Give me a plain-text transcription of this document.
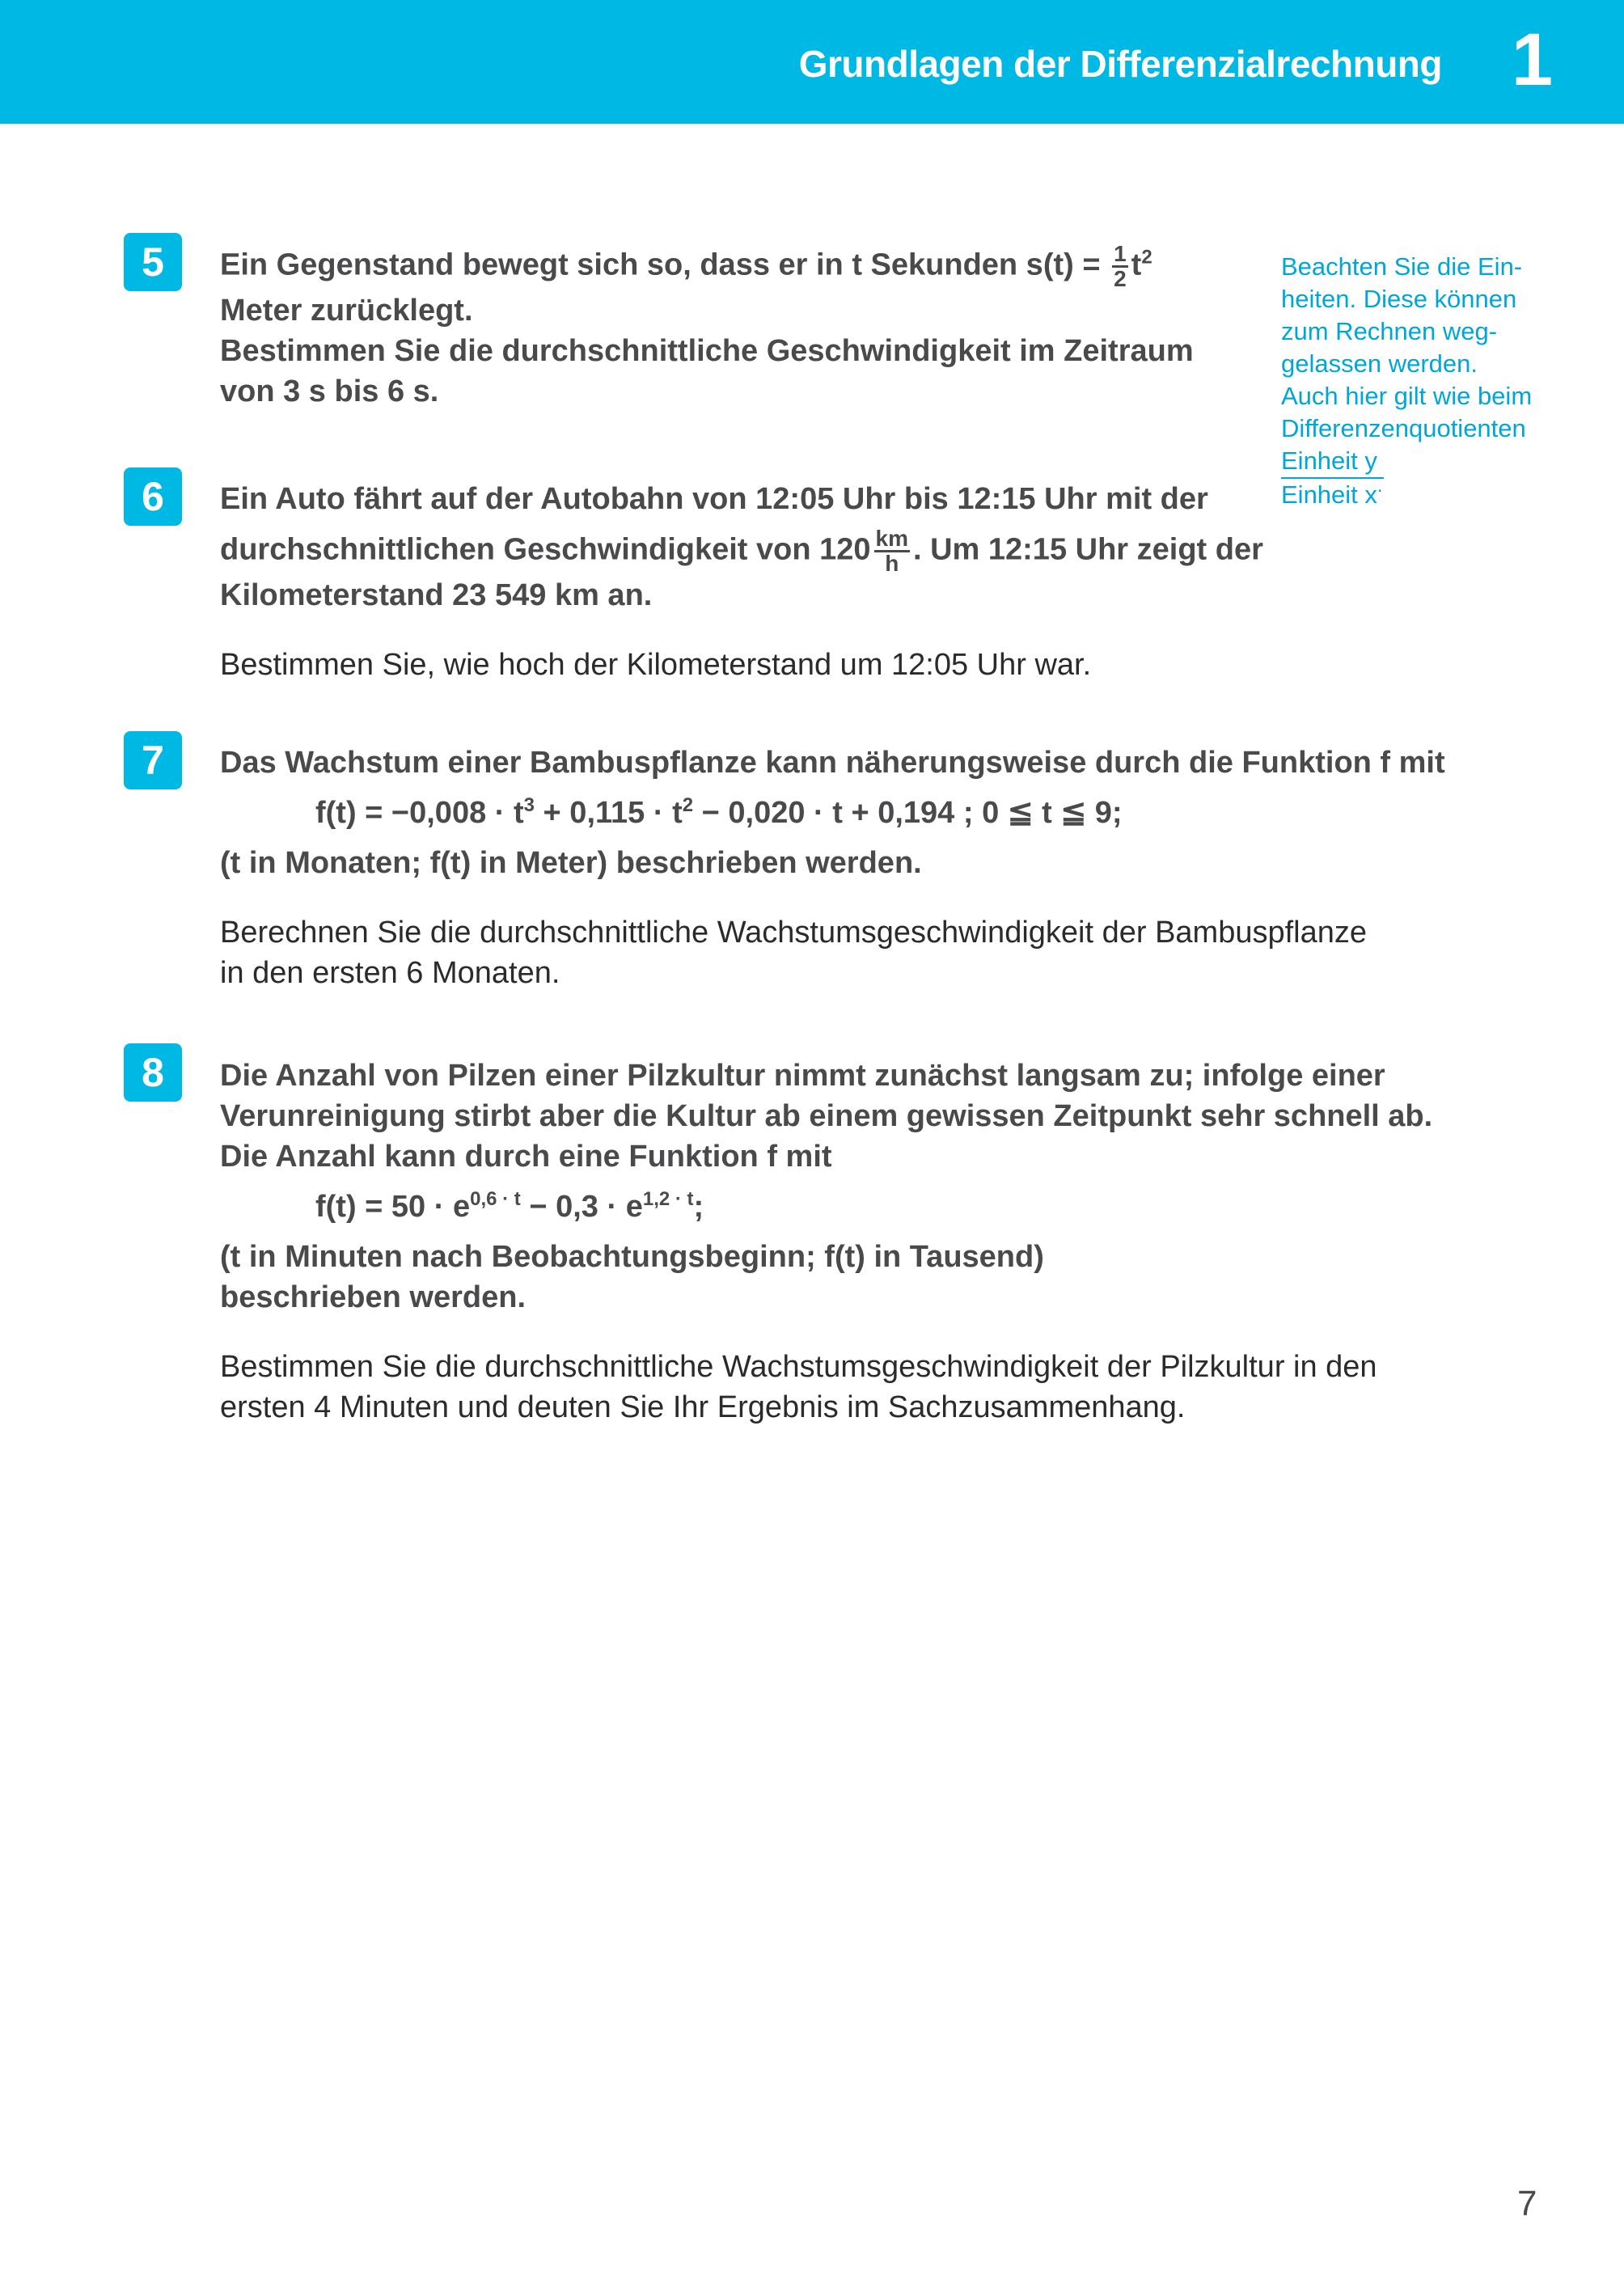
Grundlagen der Differenzialrechnung 1
5	Ein Gegenstand bewegt sich so, dass er in t Sekunden $s(t) = \frac{1}{2} t^2$
Meter zurücklegt.
Bestimmen Sie die durchschnittliche Geschwindigkeit im Zeitraum
von 3 s bis 6 s.
Beachten Sie die Ein-
heiten. Diese können
zum Rechnen weg-
gelassen werden.
Auch hier gilt wie beim
Differenzenquotienten
Einheit y
Einheit x.
6	Ein Auto fährt auf der Autobahn von 12:05 Uhr bis 12:15 Uhr mit der
durchschnittlichen Geschwindigkeit von $120 \frac{km}{h}$ . Um 12:15 Uhr zeigt der
Kilometerstand 23 549 km an.
Bestimmen Sie, wie hoch der Kilometerstand um 12:05 Uhr war.
7	Das Wachstum einer Bambuspflanze kann näherungsweise durch die Funktion f mit
$f(t) = -0,008 \cdot t^3 + 0,115 \cdot t^2 - 0,020 \cdot t + 0,194$ ; 0 ≦ t ≦ 9;
(t in Monaten; f(t) in Meter) beschrieben werden.
Berechnen Sie die durchschnittliche Wachstumsgeschwindigkeit der Bambuspflanze
in den ersten 6 Monaten.
8	Die Anzahl von Pilzen einer Pilzkultur nimmt zunächst langsam zu; infolge einer
Verunreinigung stirbt aber die Kultur ab einem gewissen Zeitpunkt sehr schnell ab.
Die Anzahl kann durch eine Funktion f mit
$f(t) = 50 \cdot e^{0,6 \cdot t} - 0,3 \cdot e^{1,2 \cdot t}$;
(t in Minuten nach Beobachtungsbeginn; f(t) in Tausend)
beschrieben werden.
Bestimmen Sie die durchschnittliche Wachstumsgeschwindigkeit der Pilzkultur in den
ersten 4 Minuten und deuten Sie Ihr Ergebnis im Sachzusammenhang.
7
